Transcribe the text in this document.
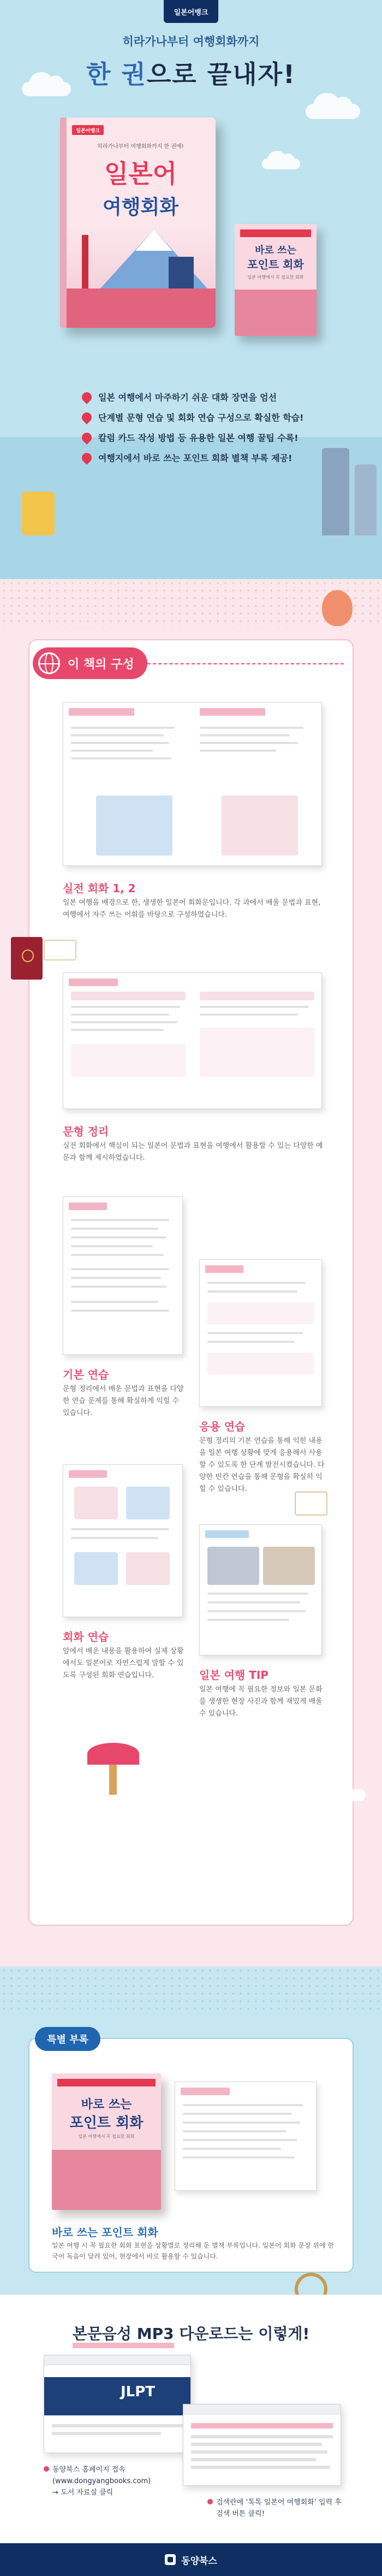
일본어뱅크
히라가나부터 여행회화까지
한 권으로 끝내자!
일본어뱅크
히라가나부터 여행회화까지 한 권에!
일본어
여행회화
바로 쓰는
포인트 회화
일본 여행에서 꼭 필요한 회화
일본 여행에서 마주하기 쉬운 대화 장면을 엄선
단계별 문형 연습 및 회화 연습 구성으로 확실한 학습!
칼럼 카드 작성 방법 등 유용한 일본 여행 꿀팁 수록!
여행지에서 바로 쓰는 포인트 회화 별책 부록 제공!
이 책의 구성
실전 회화 1, 2
일본 여행을 배경으로 한, 생생한 일본어 회화문입니다. 각 과에서 배울 문법과 표현, 여행에서 자주 쓰는 어휘를 바탕으로 구성하였습니다.
문형 정리
실전 회화에서 핵심이 되는 일본어 문법과 표현을 여행에서 활용할 수 있는 다양한 예문과 함께 제시하였습니다.
기본 연습
문형 정리에서 배운 문법과 표현을 다양한 연습 문제를 통해 확실하게 익힐 수 있습니다.
응용 연습
문형 정리의 기본 연습을 통해 익힌 내용을 일본 여행 상황에 맞게 응용해서 사용할 수 있도록 한 단계 발전시켰습니다. 다양한 빈칸 연습을 통해 문형을 확실히 익힐 수 있습니다.
회화 연습
앞에서 배운 내용을 활용하여 실제 상황에서도 일본어로 자연스럽게 말할 수 있도록 구성된 회화 연습입니다.	일본 여행 TIP
일본 여행에 꼭 필요한 정보와 일본 문화를 생생한 현장 사진과 함께 재밌게 배울 수 있습니다.
특별 부록
바로 쓰는
포인트 회화
일본 여행에서 꼭 필요한 회화
바로 쓰는 포인트 회화
일본 여행 시 꼭 필요한 회화 표현을 상황별로 정리해 둔 별책 부록입니다. 일본어 회화 문장 위에 한국어 독음이 달려 있어, 현장에서 바로 활용할 수 있습니다.
본문음성 MP3 다운로드는 이렇게!
JLPT
동양북스 홈페이지 접속
(www.dongyangbooks.com)
→ 도서 자료실 클릭
검색란에 ‘톡톡 일본어 여행회화’ 입력 후
검색 버튼 클릭!
동양북스
